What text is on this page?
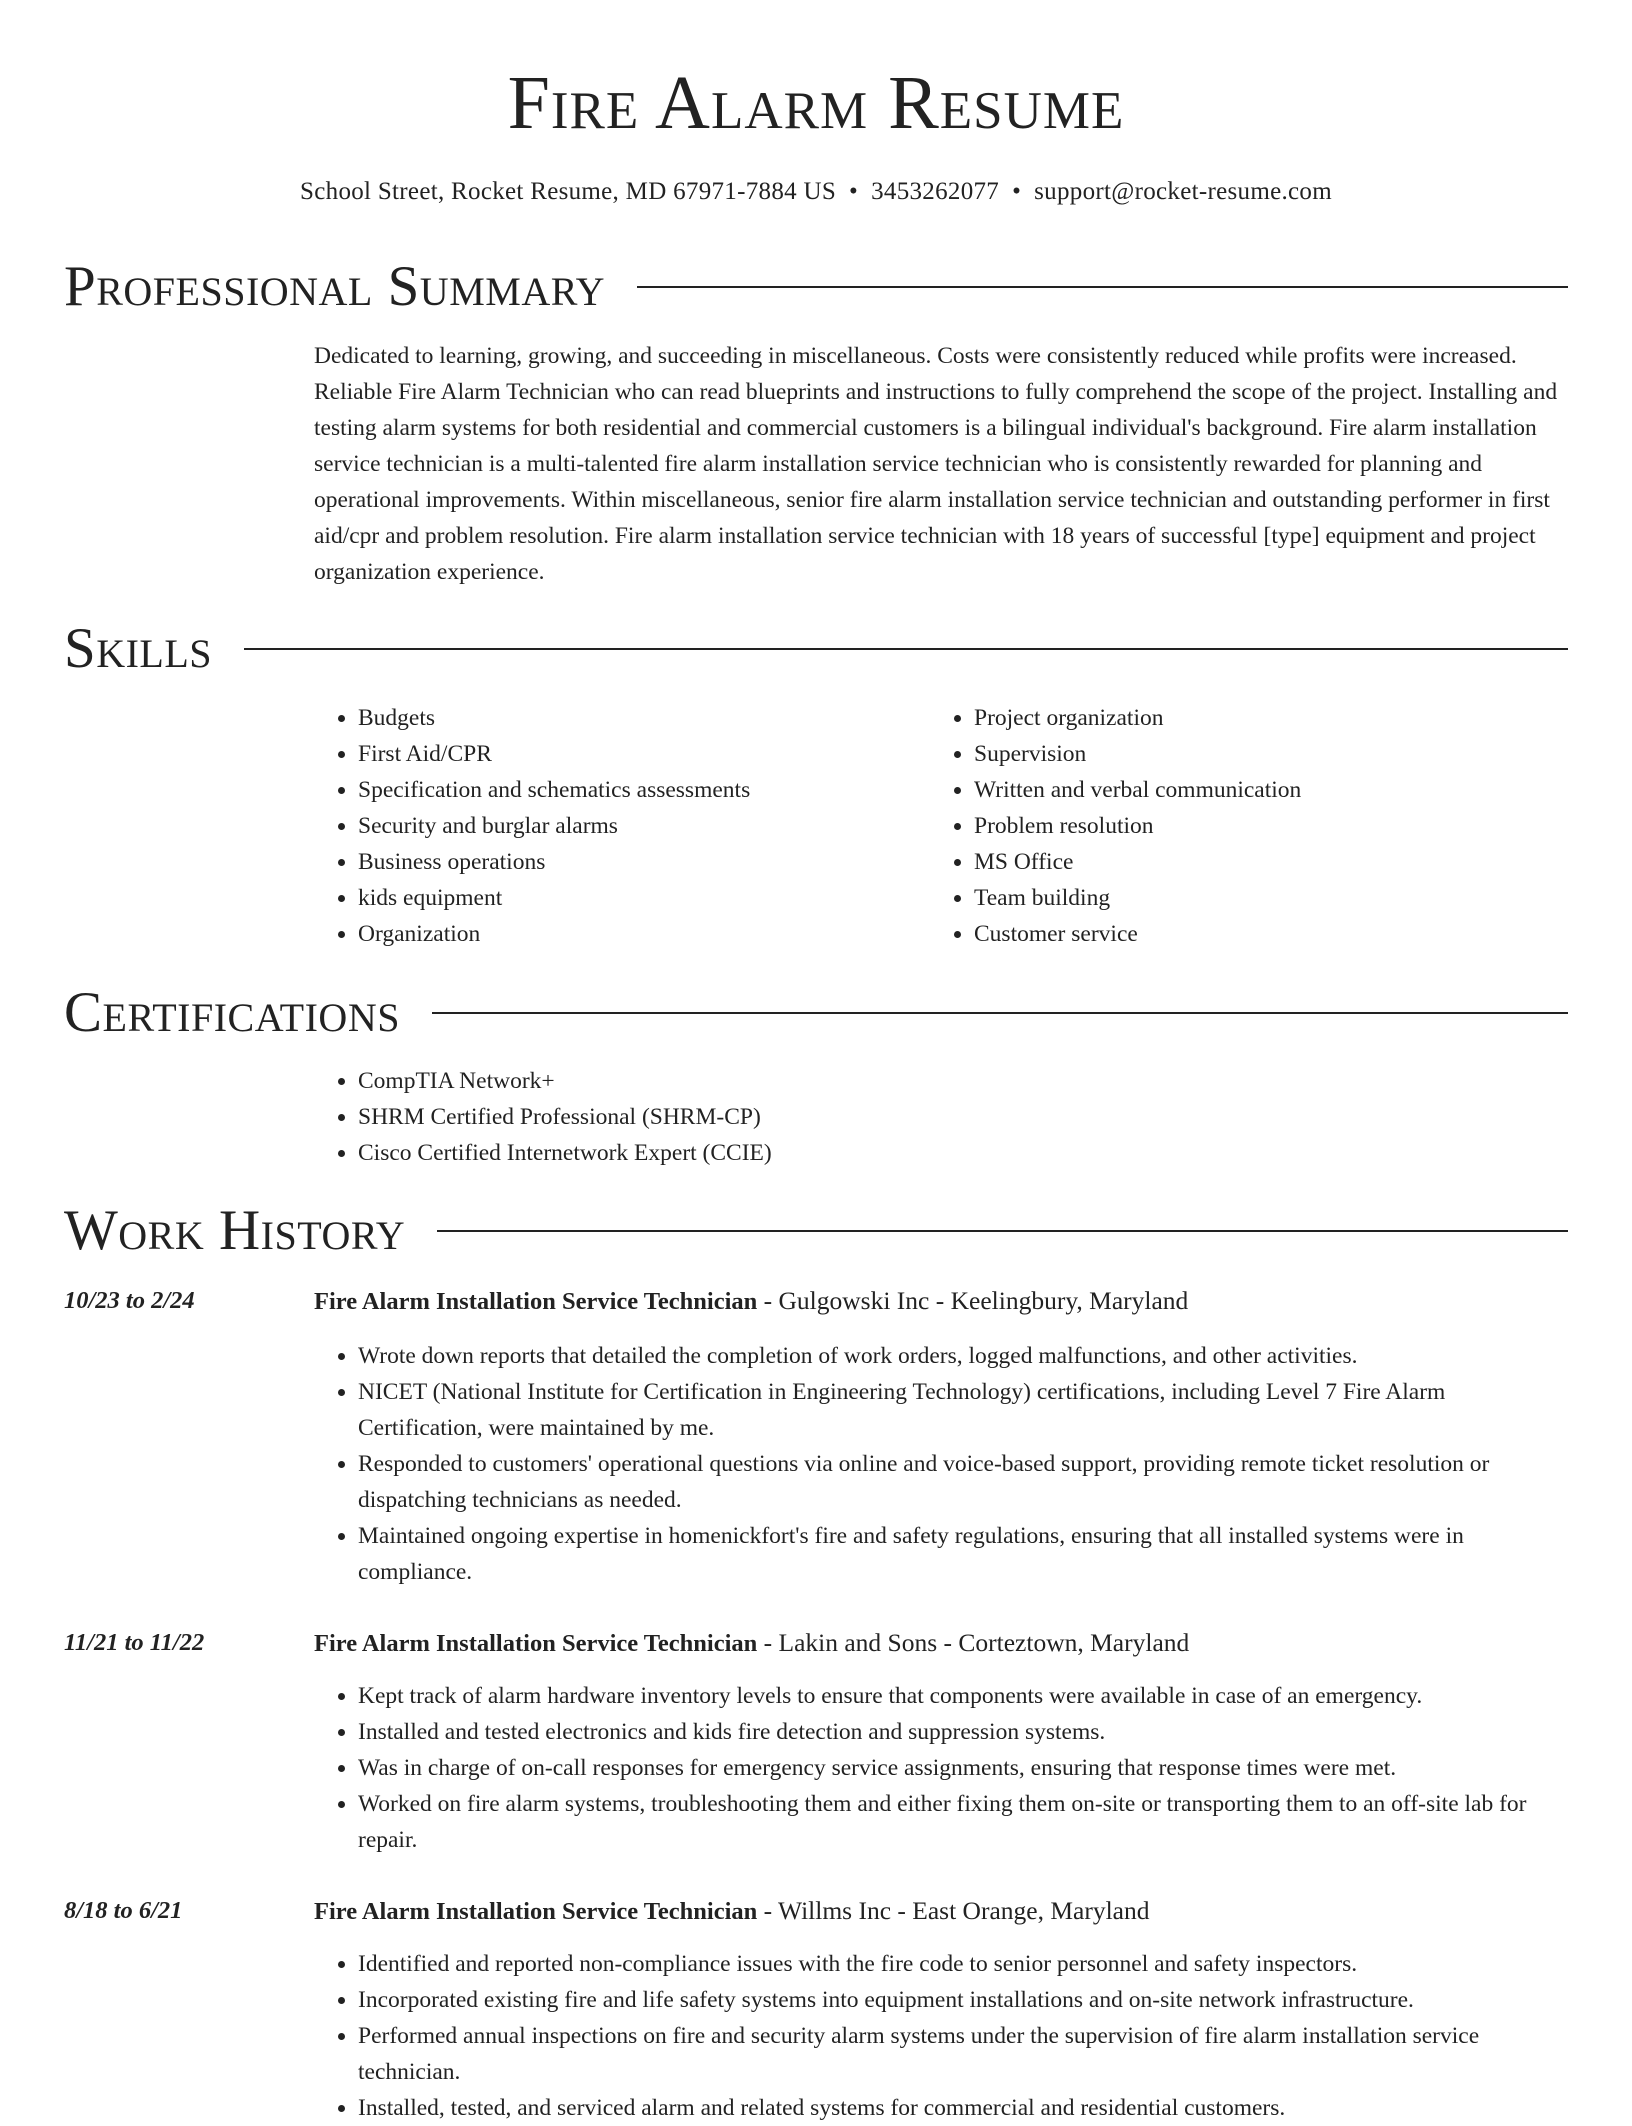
Fire Alarm Resume
School Street, Rocket Resume, MD 67971-7884 US • 3453262077 • support@rocket-resume.com
Professional Summary

Dedicated to learning, growing, and succeeding in miscellaneous. Costs were consistently reduced while profits were increased. Reliable Fire Alarm Technician who can read blueprints and instructions to fully comprehend the scope of the project. Installing and testing alarm systems for both residential and commercial customers is a bilingual individual's background. Fire alarm installation service technician is a multi-talented fire alarm installation service technician who is consistently rewarded for planning and operational improvements. Within miscellaneous, senior fire alarm installation service technician and outstanding performer in first aid/cpr and problem resolution. Fire alarm installation service technician with 18 years of successful [type] equipment and project organization experience.

Skills
• Budgets
• First Aid/CPR
• Specification and schematics assessments
• Security and burglar alarms
• Business operations
• kids equipment
• Organization
• Project organization
• Supervision
• Written and verbal communication
• Problem resolution
• MS Office
• Team building
• Customer service
Certifications
• CompTIA Network+
• SHRM Certified Professional (SHRM-CP)
• Cisco Certified Internetwork Expert (CCIE)
Work History
10/23 to 2/24	Fire Alarm Installation Service Technician - Gulgowski Inc - Keelingbury, Maryland
• Wrote down reports that detailed the completion of work orders, logged malfunctions, and other activities.
• NICET (National Institute for Certification in Engineering Technology) certifications, including Level 7 Fire Alarm Certification, were maintained by me.
• Responded to customers' operational questions via online and voice-based support, providing remote ticket resolution or dispatching technicians as needed.
• Maintained ongoing expertise in homenickfort's fire and safety regulations, ensuring that all installed systems were in compliance.
11/21 to 11/22	Fire Alarm Installation Service Technician - Lakin and Sons - Corteztown, Maryland
• Kept track of alarm hardware inventory levels to ensure that components were available in case of an emergency.
• Installed and tested electronics and kids fire detection and suppression systems.
• Was in charge of on-call responses for emergency service assignments, ensuring that response times were met.
• Worked on fire alarm systems, troubleshooting them and either fixing them on-site or transporting them to an off-site lab for repair.
8/18 to 6/21	Fire Alarm Installation Service Technician - Willms Inc - East Orange, Maryland
• Identified and reported non-compliance issues with the fire code to senior personnel and safety inspectors.
• Incorporated existing fire and life safety systems into equipment installations and on-site network infrastructure.
• Performed annual inspections on fire and security alarm systems under the supervision of fire alarm installation service technician.
• Installed, tested, and serviced alarm and related systems for commercial and residential customers.
